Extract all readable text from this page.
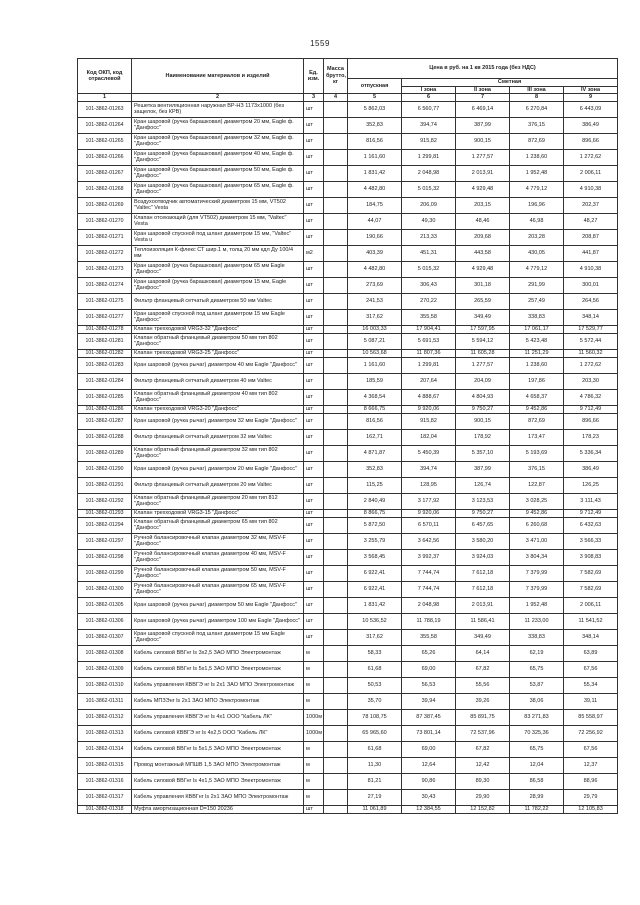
1559
Код ОКП, код отраслевой	Наименование материалов и изделий	Ед. изм.	Масса брутто, кг	Цена в руб. на 1 кв 2015 года (без НДС)				
				отпускная	Сметная			
					I зона	II зона	III зона	IV зона
1	2	3	4	5	6	7	8	9
101-3862-01263	Решетка вентиляционная наружная ВР-НЗ 1173х1000 (без защелок, без КРВ)	шт		5 862,03	6 560,77	6 469,14	6 270,84	6 443,09
101-3862-01264	Кран шаровой (ручка барашковая) диаметром 20 мм, Eagle ф. "Данфосс"	шт		352,83	394,74	387,99	376,15	386,49
101-3862-01265	Кран шаровой (ручка барашковая) диаметром 32 мм, Eagle ф. "Данфосс"	шт		816,56	915,82	900,15	872,69	896,66
101-3862-01266	Кран шаровой (ручка барашковая) диаметром 40 мм, Eagle ф. "Данфосс"	шт		1 161,60	1 299,81	1 277,57	1 238,60	1 272,62
101-3862-01267	Кран шаровой (ручка барашковая) диаметром 50 мм, Eagle ф. "Данфосс"	шт		1 831,42	2 048,98	2 013,91	1 952,48	2 006,11
101-3862-01268	Кран шаровой (ручка барашковая) диаметром 65 мм, Eagle ф. "Данфосс"	шт		4 482,80	5 015,32	4 929,48	4 779,12	4 910,38
101-3862-01269	Воздухоотводчик автоматический диаметром 15 мм, VT502 "Valtec" Vesta	шт		184,75	206,09	203,15	196,96	202,37
101-3862-01270	Клапан отсекающий (для VT502) диаметром 15 мм, "Valtec" Vesta	шт		44,07	49,30	48,46	46,98	48,27
101-3862-01271	Кран шаровой спускной под шланг диаметром 15 мм, "Valtec" Vesta u	шт		190,66	213,33	209,68	203,28	208,87
101-3862-01272	Теплоизоляция К-флекс СТ шир.1 м, толщ 20 мм кдл Ду 100/4 мм	м2		403,39	451,31	443,58	430,05	441,87
101-3862-01273	Кран шаровой (ручка барашковая) диаметром 65 мм Eagle "Данфосс"	шт		4 482,80	5 015,32	4 929,48	4 779,12	4 910,38
101-3862-01274	Кран шаровой (ручка барашковая) диаметром 15 мм, Eagle "Данфосс"	шт		273,69	306,43	301,18	291,99	300,01
101-3862-01275	Фильтр фланцевый сетчатый диаметром 50 мм Valtec	шт		241,53	270,22	265,59	257,49	264,56
101-3862-01277	Кран шаровой спускной под шланг диаметром 15 мм Eagle "Данфосс"	шт		317,62	355,58	349,49	338,83	348,14
101-3862-01278	Клапан трехходовой VRG3-32 "Данфосс"	шт		16 003,33	17 904,41	17 597,95	17 061,17	17 529,77
101-3862-01281	Клапан обратный фланцевый диаметром 50 мм тип 802 "Данфосс"	шт		5 087,21	5 691,53	5 594,12	5 423,48	5 572,44
101-3862-01282	Клапан трехходовой VRG3-25 "Данфосс"	шт		10 563,68	11 807,36	11 605,28	11 251,29	11 560,32
101-3862-01283	Кран шаровой (ручка рычаг) диаметром 40 мм Eagle "Данфосс"	шт		1 161,60	1 299,81	1 277,57	1 238,60	1 272,62
101-3862-01284	Фильтр фланцевый сетчатый диаметром 40 мм Valtec	шт		185,59	207,64	204,09	197,86	203,30
101-3862-01285	Клапан обратный фланцевый диаметром 40 мм тип 802 "Данфосс"	шт		4 368,54	4 888,67	4 804,93	4 658,37	4 786,32
101-3862-01286	Клапан трехходовой VRG3-20 "Данфосс"	шт		8 666,75	9 920,06	9 750,27	9 452,86	9 712,49
101-3862-01287	Кран шаровой (ручка рычаг) диаметром 32 мм Eagle "Данфосс"	шт		816,56	915,82	900,15	872,69	896,66
101-3862-01288	Фильтр фланцевый сетчатый диаметром 32 мм Valtec	шт		162,71	182,04	178,92	173,47	178,23
101-3862-01289	Клапан обратный фланцевый диаметром 32 мм тип 802 "Данфосс"	шт		4 871,87	5 450,39	5 357,10	5 193,69	5 336,34
101-3862-01290	Кран шаровой (ручка рычаг) диаметром 20 мм Eagle "Данфосс"	шт		352,83	394,74	387,99	376,15	386,49
101-3862-01291	Фильтр фланцевый сетчатый диаметром 20 мм Valtec	шт		115,25	128,95	126,74	122,87	126,25
101-3862-01292	Клапан обратный фланцевый диаметром 20 мм тип 812 "Данфосс"	шт		2 840,49	3 177,92	3 123,53	3 028,25	3 111,43
101-3862-01293	Клапан трехходовой VRG3-15 "Данфосс"	шт		8 866,75	9 920,06	9 750,27	9 452,86	9 712,49
101-3862-01294	Клапан обратный фланцевый диаметром 65 мм тип 802 "Данфосс"	шт		5 872,50	6 570,11	6 457,65	6 260,68	6 432,63
101-3862-01297	Ручной балансировочный клапан диаметром 32 мм, MSV-F "Данфосс"	шт		3 255,79	3 642,56	3 580,20	3 471,00	3 566,33
101-3862-01298	Ручной балансировочный клапан диаметром 40 мм, MSV-F "Данфосс"	шт		3 568,45	3 992,37	3 924,03	3 804,34	3 908,83
101-3862-01299	Ручной балансировочный клапан диаметром 50 мм, MSV-F "Данфосс"	шт		6 922,41	7 744,74	7 612,18	7 379,99	7 582,69
101-3862-01300	Ручной балансировочный клапан диаметром 65 мм, MSV-F "Данфосс"	шт		6 922,41	7 744,74	7 612,18	7 379,99	7 582,69
101-3862-01305	Кран шаровой (ручка рычаг) диаметром 50 мм Eagle "Данфосс"	шт		1 831,42	2 048,98	2 013,91	1 952,48	2 006,11
101-3862-01306	Кран шаровой (ручка рычаг) диаметром 100 мм Eagle "Данфосс"	шт		10 536,52	11 788,19	11 586,41	11 233,00	11 541,52
101-3862-01307	Кран шаровой спускной под шланг диаметром 15 мм Eagle "Данфосс"	шт		317,62	355,58	349,49	338,83	348,14
101-3862-01308	Кабель силовой ВВГнг ls 3х2,5 ЗАО МПО Электромонтаж	м		58,33	65,26	64,14	62,19	63,89
101-3862-01309	Кабель силовой ВВГнг ls 5х1,5 ЗАО МПО Электромонтаж	м		61,68	69,00	67,82	65,75	67,56
101-3862-01310	Кабель управления КВВГЭ нг ls 2х1 ЗАО МПО Электромонтаж	м		50,53	56,53	55,56	53,87	55,34
101-3862-01311	Кабель МПЗЭнг ls 2х1 ЗАО МПО Электромонтаж	м		35,70	39,94	39,26	38,06	39,11
101-3862-01312	Кабель управления КВВГЭ нг ls 4х1 ООО "Кабель ЛК"	1000м		78 108,75	87 387,45	85 891,75	83 271,83	85 558,97
101-3862-01313	Кабель силовой КВВГЭ нг ls 4х2,5 ООО "Кабель ЛК"	1000м		65 965,60	73 801,14	72 537,96	70 325,36	72 256,92
101-3862-01314	Кабель силовой ВВГнг ls 5х1,5 ЗАО МПО Электромонтаж	м		61,68	69,00	67,82	65,75	67,56
101-3862-01315	Провод монтажный МПШВ 1,5 ЗАО МПО Электромонтаж	м		11,30	12,64	12,42	12,04	12,37
101-3862-01316	Кабель силовой ВВГнг ls 4х1,5 ЗАО МПО Электромонтаж	м		81,21	90,86	89,30	86,58	88,96
101-3862-01317	Кабель управления КВВГнг ls 2х1 ЗАО МПО Электромонтаж	м		27,19	30,43	29,90	28,99	29,79
101-3862-01318	Муфта амортизационная D=150 20236	шт		11 061,89	12 384,55	12 152,82	11 782,22	12 105,83
